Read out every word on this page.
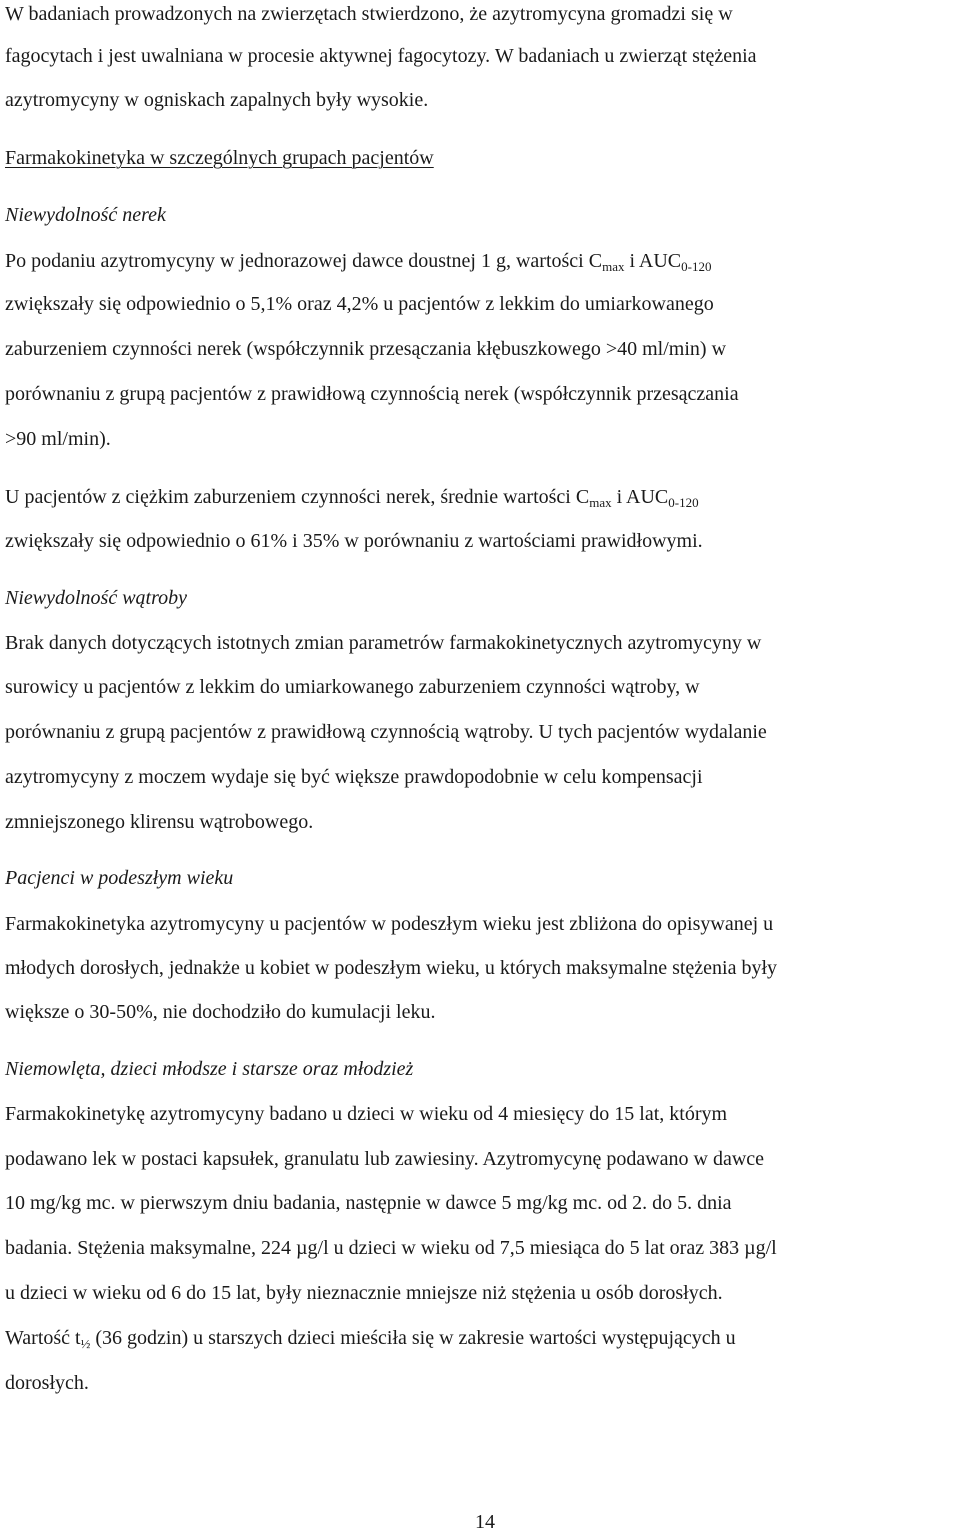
W badaniach prowadzonych na zwierzętach stwierdzono, że azytromycyna gromadzi się w
fagocytach i jest uwalniana w procesie aktywnej fagocytozy. W badaniach u zwierząt stężenia
azytromycyny w ogniskach zapalnych były wysokie.
Farmakokinetyka w szczególnych grupach pacjentów
Niewydolność nerek
Po podaniu azytromycyny w jednorazowej dawce doustnej 1 g, wartości $C_{max}$ i $AUC_{0-120}$
zwiększały się odpowiednio o 5,1% oraz 4,2% u pacjentów z lekkim do umiarkowanego
zaburzeniem czynności nerek (współczynnik przesączania kłębuszkowego >40 ml/min) w
porównaniu z grupą pacjentów z prawidłową czynnością nerek (współczynnik przesączania
>90 ml/min).
U pacjentów z ciężkim zaburzeniem czynności nerek, średnie wartości $C_{max}$ i $AUC_{0-120}$
zwiększały się odpowiednio o 61% i 35% w porównaniu z wartościami prawidłowymi.
Niewydolność wątroby
Brak danych dotyczących istotnych zmian parametrów farmakokinetycznych azytromycyny w
surowicy u pacjentów z lekkim do umiarkowanego zaburzeniem czynności wątroby, w
porównaniu z grupą pacjentów z prawidłową czynnością wątroby. U tych pacjentów wydalanie
azytromycyny z moczem wydaje się być większe prawdopodobnie w celu kompensacji
zmniejszonego klirensu wątrobowego.
Pacjenci w podeszłym wieku
Farmakokinetyka azytromycyny u pacjentów w podeszłym wieku jest zbliżona do opisywanej u
młodych dorosłych, jednakże u kobiet w podeszłym wieku, u których maksymalne stężenia były
większe o 30-50%, nie dochodziło do kumulacji leku.
Niemowlęta, dzieci młodsze i starsze oraz młodzież
Farmakokinetykę azytromycyny badano u dzieci w wieku od 4 miesięcy do 15 lat, którym
podawano lek w postaci kapsułek, granulatu lub zawiesiny. Azytromycynę podawano w dawce
10 mg/kg mc. w pierwszym dniu badania, następnie w dawce 5 mg/kg mc. od 2. do 5. dnia
badania. Stężenia maksymalne, 224 µg/l u dzieci w wieku od 7,5 miesiąca do 5 lat oraz 383 µg/l
u dzieci w wieku od 6 do 15 lat, były nieznacznie mniejsze niż stężenia u osób dorosłych.
Wartość $t_{\frac{1}{2}}$ (36 godzin) u starszych dzieci mieściła się w zakresie wartości występujących u
dorosłych.
14
